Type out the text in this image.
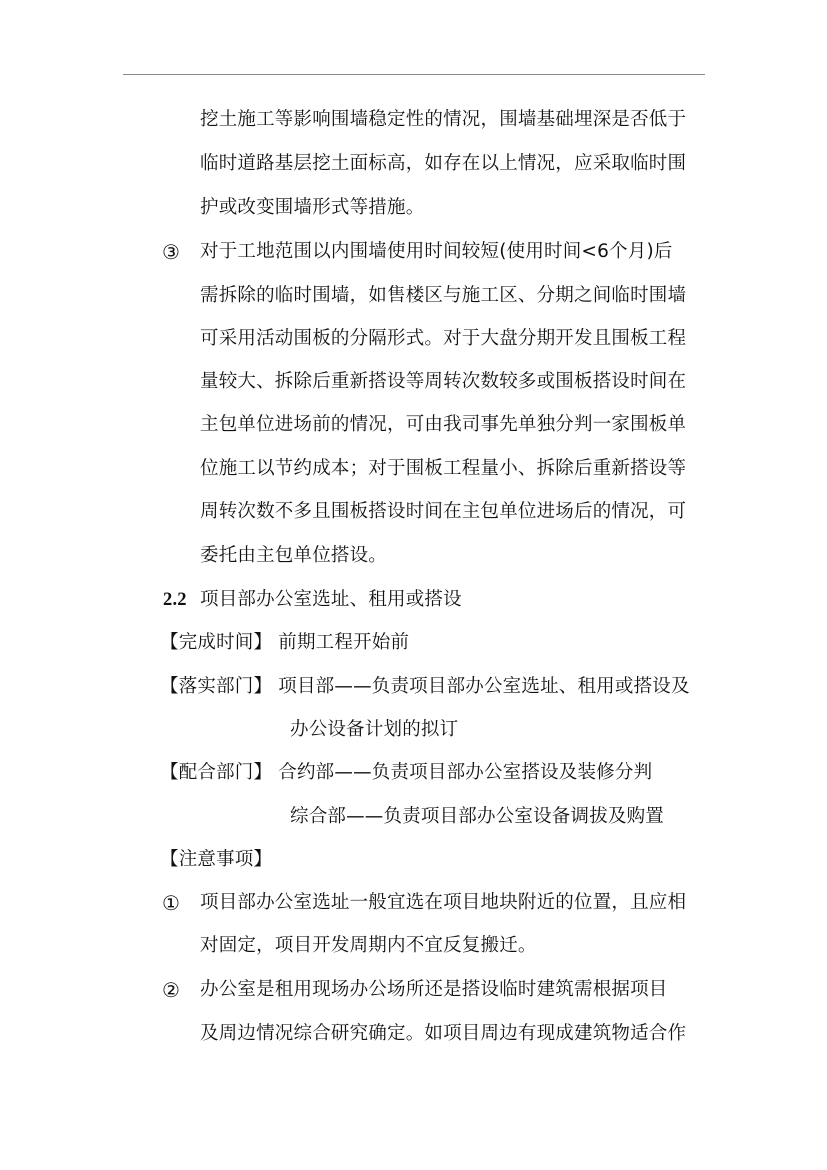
挖土施工等影响围墙稳定性的情况，围墙基础埋深是否低于
临时道路基层挖土面标高，如存在以上情况，应采取临时围
护或改变围墙形式等措施。
③ 对于工地范围以内围墙使用时间较短(使用时间<6个月)后
需拆除的临时围墙，如售楼区与施工区、分期之间临时围墙
可采用活动围板的分隔形式。对于大盘分期开发且围板工程
量较大、拆除后重新搭设等周转次数较多或围板搭设时间在
主包单位进场前的情况，可由我司事先单独分判一家围板单
位施工以节约成本；对于围板工程量小、拆除后重新搭设等
周转次数不多且围板搭设时间在主包单位进场后的情况，可
委托由主包单位搭设。
2.2 项目部办公室选址、租用或搭设
【完成时间】 前期工程开始前
【落实部门】 项目部——负责项目部办公室选址、租用或搭设及
办公设备计划的拟订
【配合部门】 合约部——负责项目部办公室搭设及装修分判
综合部——负责项目部办公室设备调拔及购置
【注意事项】
① 项目部办公室选址一般宜选在项目地块附近的位置，且应相
对固定，项目开发周期内不宜反复搬迁。
② 办公室是租用现场办公场所还是搭设临时建筑需根据项目
及周边情况综合研究确定。如项目周边有现成建筑物适合作
